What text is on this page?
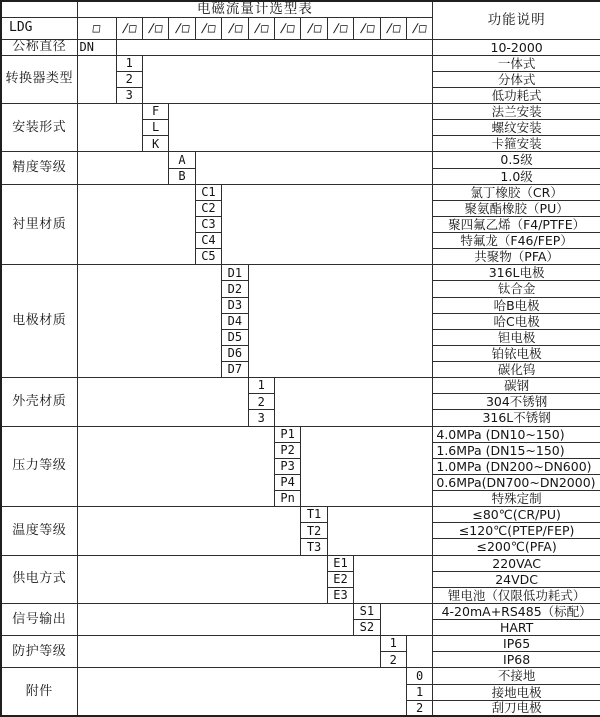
	电磁流量计选型表													功能说明
LDG	□	/□	/□	/□	/□	/□	/□	/□	/□	/□	/□	/□	/□	
公称直径	DN													10-2000
转换器类型		1												一体式
		2												分体式
		3												低功耗式
安装形式			F											法兰安装
			L											螺纹安装
			K											卡箍安装
精度等级				A										0.5级
				B										1.0级
衬里材质					C1									氯丁橡胶（CR）
					C2									聚氨酯橡胶（PU）
					C3									聚四氟乙烯（F4/PTFE）
					C4									特氟龙（F46/FEP）
					C5									共聚物（PFA）
电极材质						D1								316L电极
						D2								钛合金
						D3								哈B电极
						D4								哈C电极
						D5								钽电极
						D6								铂铱电极
						D7								碳化钨
外壳材质							1							碳钢
							2							304不锈钢
							3							316L不锈钢
压力等级								P1						4.0MPa (DN10~150)
								P2						1.6MPa (DN15~150)
								P3						1.0MPa (DN200~DN600)
								P4						0.6MPa(DN700~DN2000)
								Pn						特殊定制
温度等级									T1					≤80℃(CR/PU)
									T2					≤120℃(PTEP/FEP)
									T3					≤200℃(PFA)
供电方式										E1				220VAC
										E2				24VDC
										E3				锂电池（仅限低功耗式）
信号输出											S1			4-20mA+RS485（标配）
											S2			HART
防护等级												1		IP65
												2		IP68
附件													0	不接地
													1	接地电极
													2	刮刀电极
